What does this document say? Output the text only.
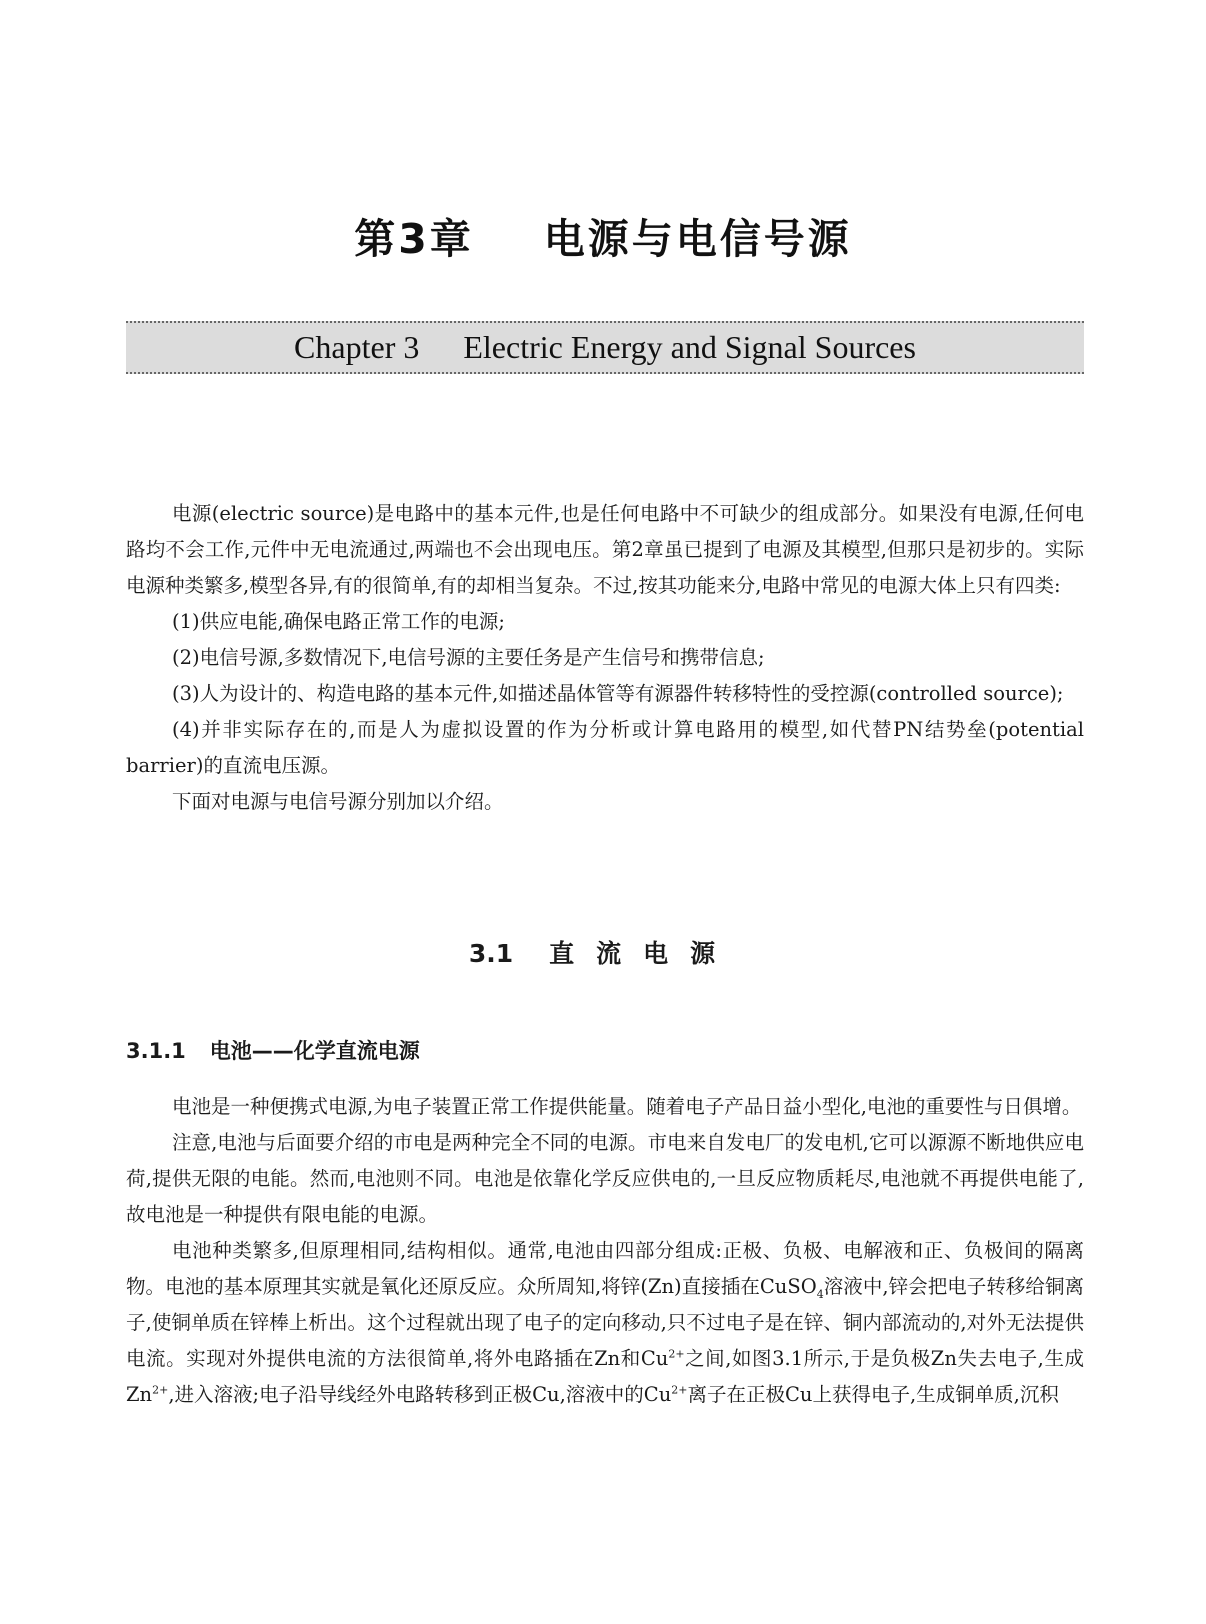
第3章 电源与电信号源
Chapter 3 Electric Energy and Signal Sources

电源(electric source)是电路中的基本元件,也是任何电路中不可缺少的组成部分。如果没有电源,任何电路均不会工作,元件中无电流通过,两端也不会出现电压。第2章虽已提到了电源及其模型,但那只是初步的。实际电源种类繁多,模型各异,有的很简单,有的却相当复杂。不过,按其功能来分,电路中常见的电源大体上只有四类:

(1)供应电能,确保电路正常工作的电源;

(2)电信号源,多数情况下,电信号源的主要任务是产生信号和携带信息;

(3)人为设计的、构造电路的基本元件,如描述晶体管等有源器件转移特性的受控源(controlled source);

(4)并非实际存在的,而是人为虚拟设置的作为分析或计算电路用的模型,如代替PN结势垒(potential barrier)的直流电压源。

下面对电源与电信号源分别加以介绍。

3.1 直流电源
3.1.1 电池——化学直流电源

电池是一种便携式电源,为电子装置正常工作提供能量。随着电子产品日益小型化,电池的重要性与日俱增。

注意,电池与后面要介绍的市电是两种完全不同的电源。市电来自发电厂的发电机,它可以源源不断地供应电荷,提供无限的电能。然而,电池则不同。电池是依靠化学反应供电的,一旦反应物质耗尽,电池就不再提供电能了,故电池是一种提供有限电能的电源。

电池种类繁多,但原理相同,结构相似。通常,电池由四部分组成:正极、负极、电解液和正、负极间的隔离物。电池的基本原理其实就是氧化还原反应。众所周知,将锌(Zn)直接插在CuSO$_4$溶液中,锌会把电子转移给铜离子,使铜单质在锌棒上析出。这个过程就出现了电子的定向移动,只不过电子是在锌、铜内部流动的,对外无法提供电流。实现对外提供电流的方法很简单,将外电路插在Zn和$Cu^{2+}$之间,如图3.1所示,于是负极Zn失去电子,生成$Zn^{2+}$,进入溶液;电子沿导线经外电路转移到正极Cu,溶液中的$Cu^{2+}$离子在正极Cu上获得电子,生成铜单质,沉积
